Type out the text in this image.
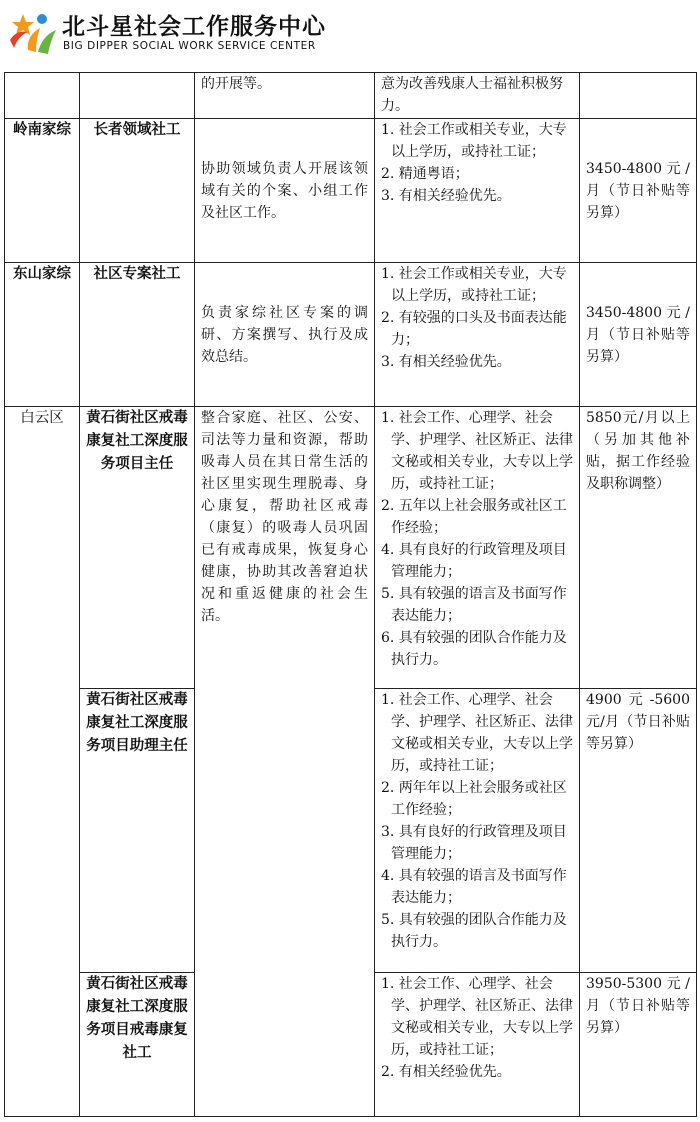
北斗星社会工作服务中心
BIG DIPPER SOCIAL WORK SERVICE CENTER
		的开展等。	意为改善残康人士福祉积极努力。	

岭南家综	长者领域社工	协助领域负责人开展该领域有关的个案、小组工作及社区工作。	1. 社会工作或相关专业，大专以上学历，或持社工证；
2. 精通粤语；
3. 有相关经验优先。	3450-4800元/月（节日补贴等另算）
东山家综	社区专案社工	负责家综社区专案的调研、方案撰写、执行及成效总结。	1. 社会工作或相关专业，大专以上学历，或持社工证；
2. 有较强的口头及书面表达能力；
3. 有相关经验优先。	3450-4800元/月（节日补贴等另算）
白云区	黄石街社区戒毒康复社工深度服务项目主任	整合家庭、社区、公安、司法等力量和资源，帮助吸毒人员在其日常生活的社区里实现生理脱毒、身心康复，帮助社区戒毒（康复）的吸毒人员巩固已有戒毒成果，恢复身心健康，协助其改善窘迫状况和重返健康的社会生活。	1. 社会工作、心理学、社会学、护理学、社区矫正、法律文秘或相关专业，大专以上学历，或持社工证；
2. 五年以上社会服务或社区工作经验；
4. 具有良好的行政管理及项目管理能力；
5. 具有较强的语言及书面写作表达能力；
6. 具有较强的团队合作能力及执行力。	5850元/月以上（另加其他补贴，据工作经验及职称调整）
	黄石街社区戒毒康复社工深度服务项目助理主任		1. 社会工作、心理学、社会学、护理学、社区矫正、法律文秘或相关专业，大专以上学历，或持社工证；
2. 两年年以上社会服务或社区工作经验；
3. 具有良好的行政管理及项目管理能力；
4. 具有较强的语言及书面写作表达能力；
5. 具有较强的团队合作能力及执行力。	4900元-5600元/月（节日补贴等另算）
	黄石街社区戒毒康复社工深度服务项目戒毒康复社工		1. 社会工作、心理学、社会学、护理学、社区矫正、法律文秘或相关专业，大专以上学历，或持社工证；
2. 有相关经验优先。	3950-5300元/月（节日补贴等另算）
